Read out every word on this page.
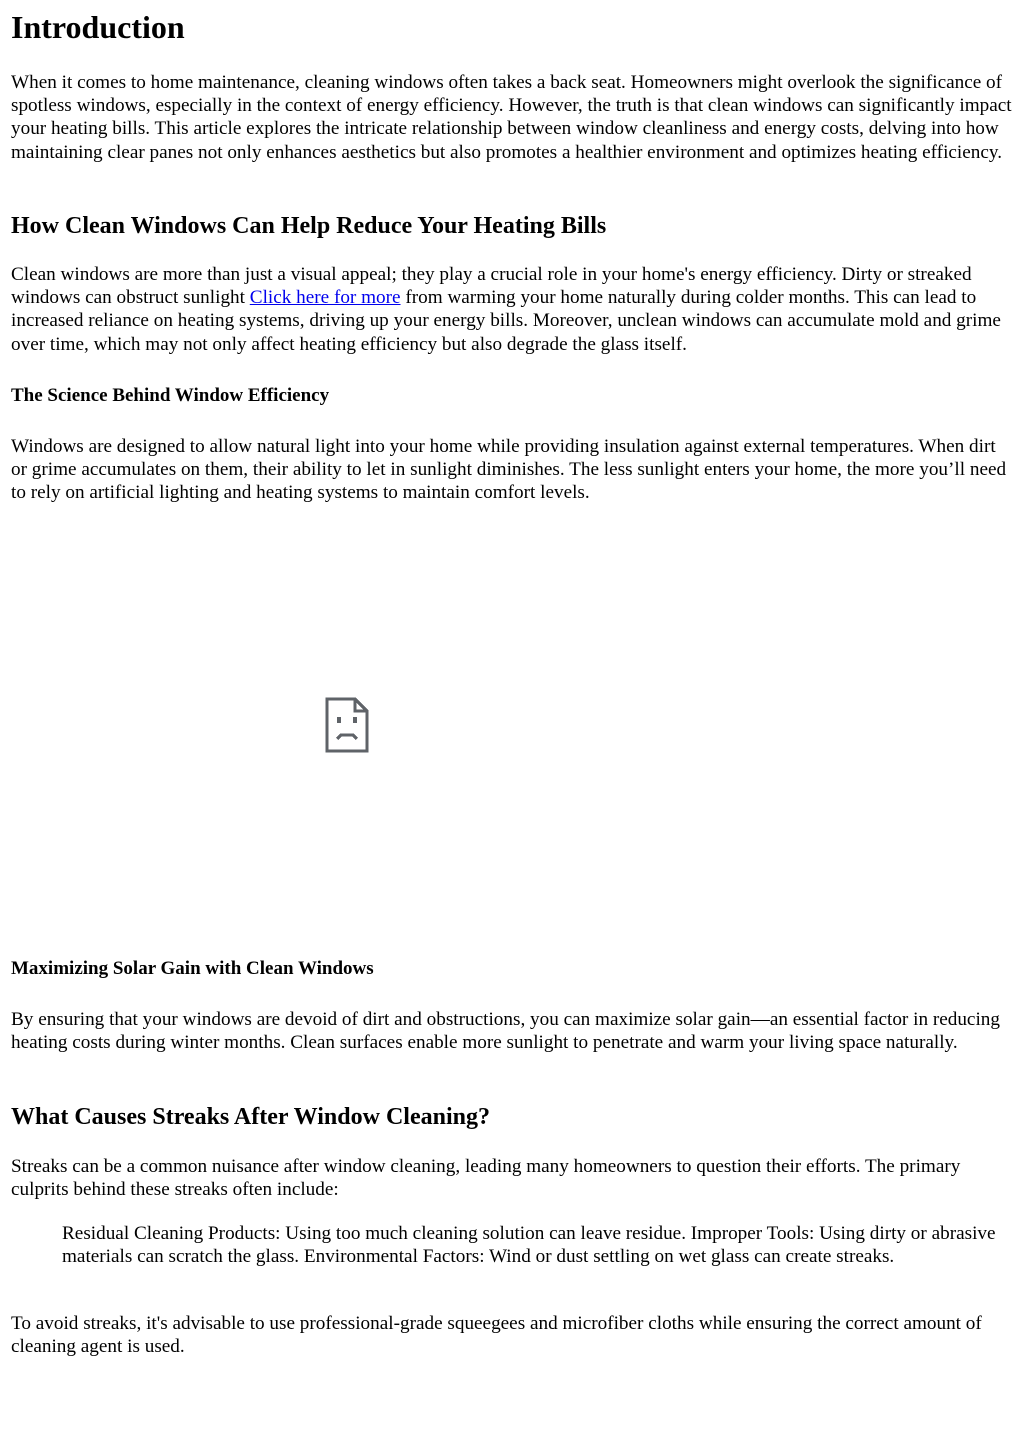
Introduction

When it comes to home maintenance, cleaning windows often takes a back seat. Homeowners might overlook the significance of spotless windows, especially in the context of energy efficiency. However, the truth is that clean windows can significantly impact your heating bills. This article explores the intricate relationship between window cleanliness and energy costs, delving into how maintaining clear panes not only enhances aesthetics but also promotes a healthier environment and optimizes heating efficiency.

How Clean Windows Can Help Reduce Your Heating Bills

Clean windows are more than just a visual appeal; they play a crucial role in your home's energy efficiency. Dirty or streaked windows can obstruct sunlight Click here for more from warming your home naturally during colder months. This can lead to increased reliance on heating systems, driving up your energy bills. Moreover, unclean windows can accumulate mold and grime over time, which may not only affect heating efficiency but also degrade the glass itself.

The Science Behind Window Efficiency

Windows are designed to allow natural light into your home while providing insulation against external temperatures. When dirt or grime accumulates on them, their ability to let in sunlight diminishes. The less sunlight enters your home, the more you’ll need to rely on artificial lighting and heating systems to maintain comfort levels.

Maximizing Solar Gain with Clean Windows

By ensuring that your windows are devoid of dirt and obstructions, you can maximize solar gain—an essential factor in reducing heating costs during winter months. Clean surfaces enable more sunlight to penetrate and warm your living space naturally.

What Causes Streaks After Window Cleaning?

Streaks can be a common nuisance after window cleaning, leading many homeowners to question their efforts. The primary culprits behind these streaks often include:

Residual Cleaning Products: Using too much cleaning solution can leave residue. Improper Tools: Using dirty or abrasive materials can scratch the glass. Environmental Factors: Wind or dust settling on wet glass can create streaks.

To avoid streaks, it's advisable to use professional-grade squeegees and microfiber cloths while ensuring the correct amount of cleaning agent is used.
